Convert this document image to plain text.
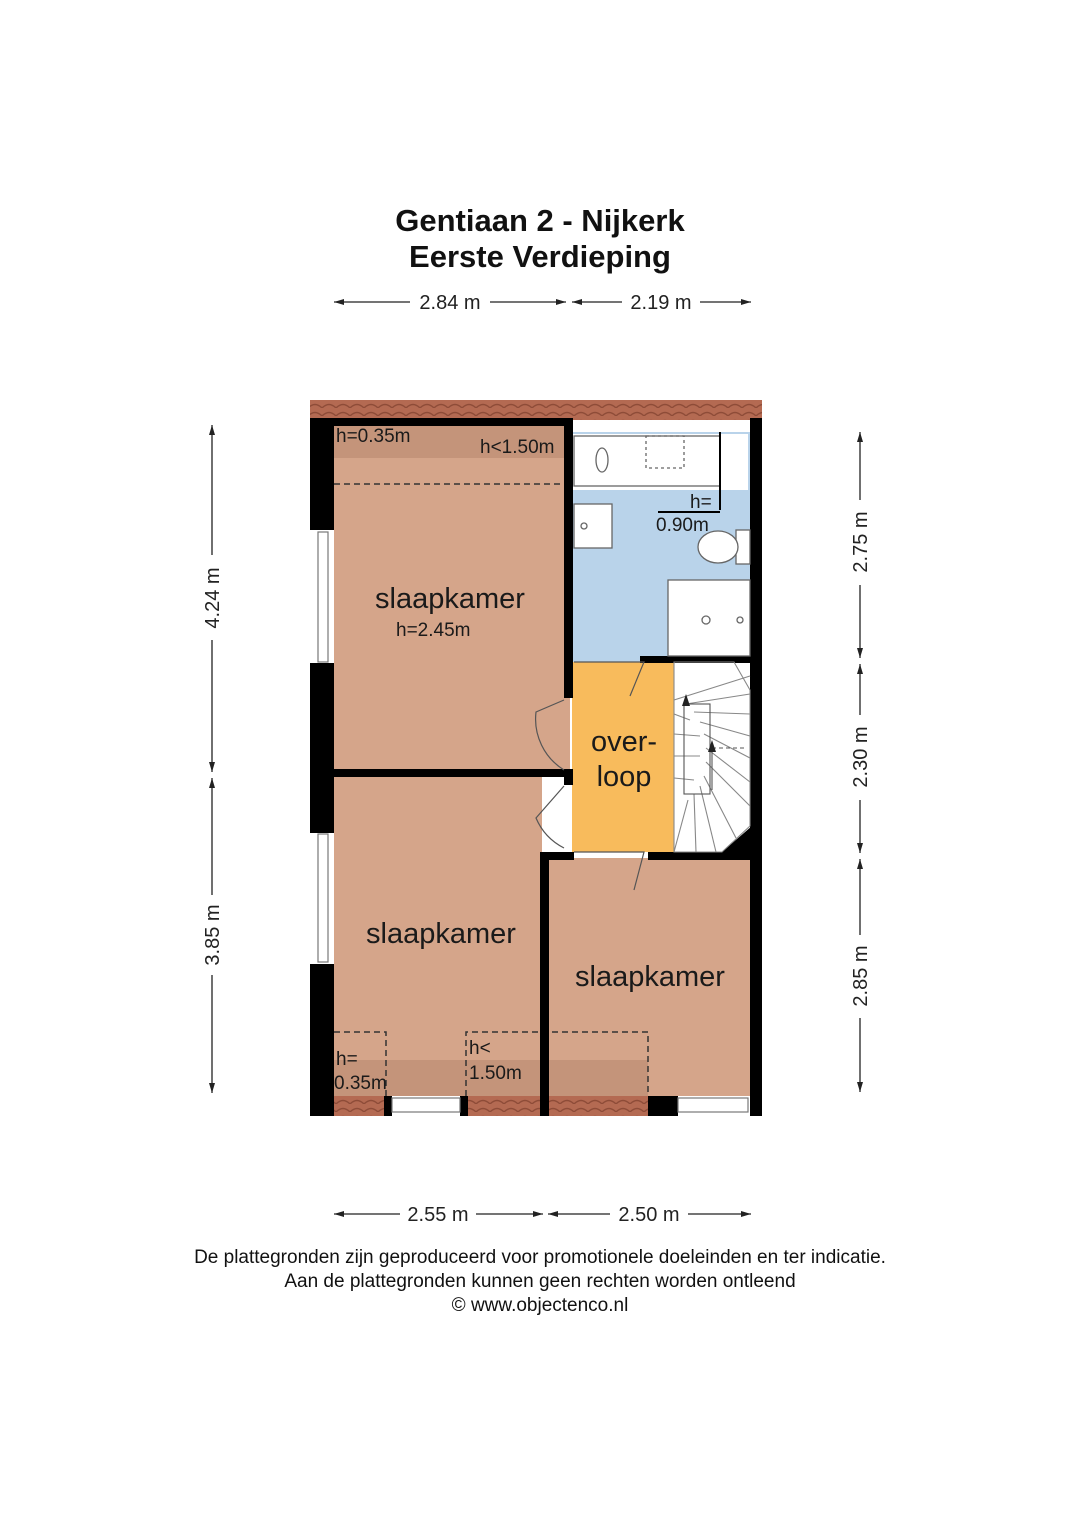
Gentiaan 2 - Nijkerk
Eerste Verdieping
slaapkamer
h=2.45m
h=0.35m
h<1.50m
h=
0.90m
over-
loop
slaapkamer
h=
0.35m
h<
1.50m
slaapkamer
2.84 m	2.19 m
2.55 m	2.50 m
4.24 m
3.85 m
2.75 m
2.30 m
2.85 m
De plattegronden zijn geproduceerd voor promotionele doeleinden en ter indicatie.
Aan de plattegronden kunnen geen rechten worden ontleend
© www.objectenco.nl
